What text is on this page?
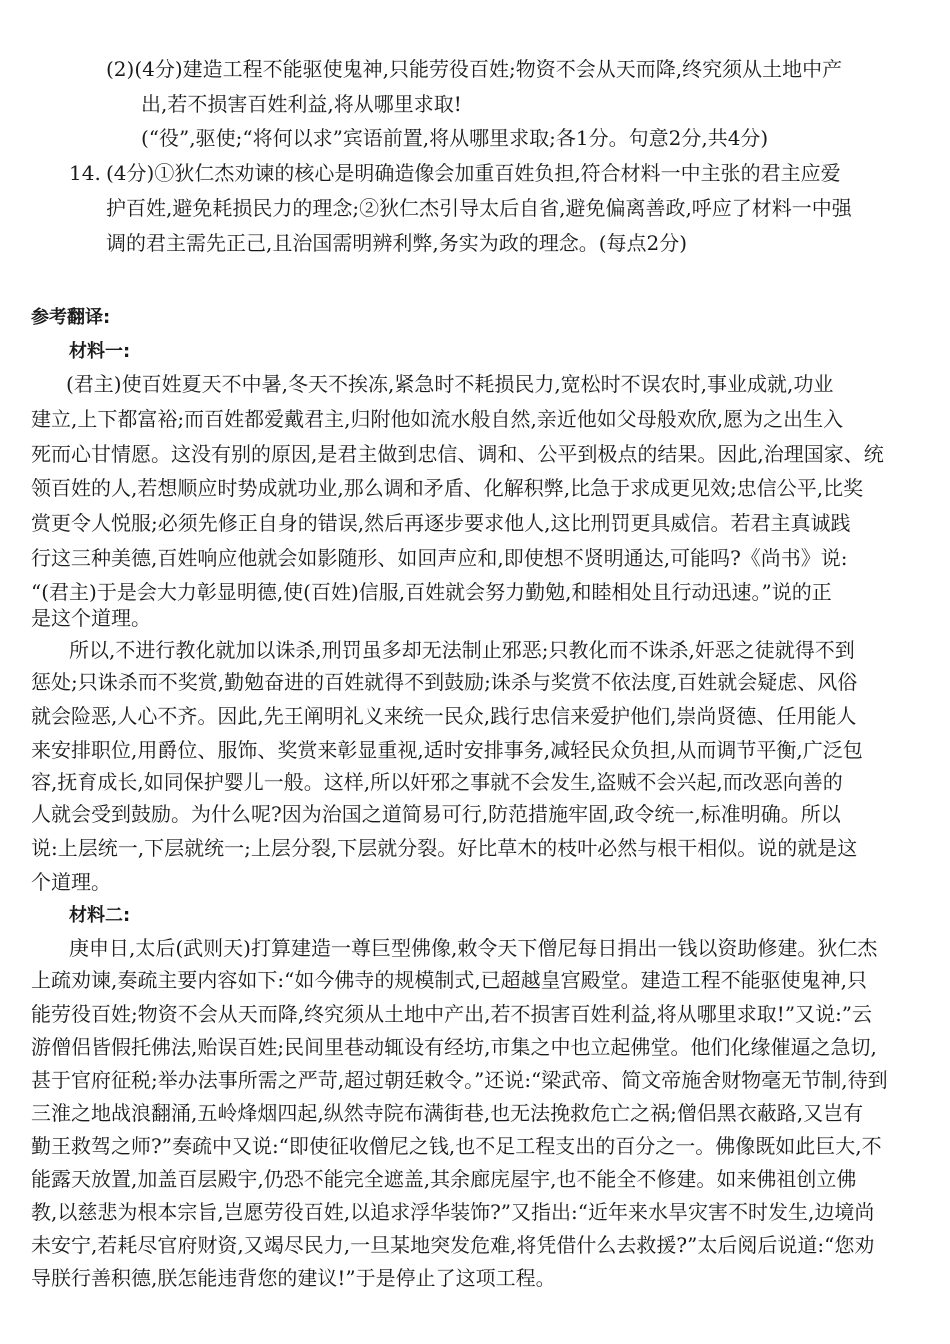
(2)(4分)建造工程不能驱使鬼神,只能劳役百姓;物资不会从天而降,终究须从土地中产
出,若不损害百姓利益,将从哪里求取!
(“役”,驱使;“将何以求”宾语前置,将从哪里求取;各1分。句意2分,共4分)
14. (4分)①狄仁杰劝谏的核心是明确造像会加重百姓负担,符合材料一中主张的君主应爱
护百姓,避免耗损民力的理念;②狄仁杰引导太后自省,避免偏离善政,呼应了材料一中强
调的君主需先正己,且治国需明辨利弊,务实为政的理念。(每点2分)
参考翻译:
材料一:
(君主)使百姓夏天不中暑,冬天不挨冻,紧急时不耗损民力,宽松时不误农时,事业成就,功业
建立,上下都富裕;而百姓都爱戴君主,归附他如流水般自然,亲近他如父母般欢欣,愿为之出生入
死而心甘情愿。这没有别的原因,是君主做到忠信、调和、公平到极点的结果。因此,治理国家、统
领百姓的人,若想顺应时势成就功业,那么调和矛盾、化解积弊,比急于求成更见效;忠信公平,比奖
赏更令人悦服;必须先修正自身的错误,然后再逐步要求他人,这比刑罚更具威信。若君主真诚践
行这三种美德,百姓响应他就会如影随形、如回声应和,即使想不贤明通达,可能吗?《尚书》说:
“(君主)于是会大力彰显明德,使(百姓)信服,百姓就会努力勤勉,和睦相处且行动迅速。”说的正
是这个道理。
所以,不进行教化就加以诛杀,刑罚虽多却无法制止邪恶;只教化而不诛杀,奸恶之徒就得不到
惩处;只诛杀而不奖赏,勤勉奋进的百姓就得不到鼓励;诛杀与奖赏不依法度,百姓就会疑虑、风俗
就会险恶,人心不齐。因此,先王阐明礼义来统一民众,践行忠信来爱护他们,崇尚贤德、任用能人
来安排职位,用爵位、服饰、奖赏来彰显重视,适时安排事务,减轻民众负担,从而调节平衡,广泛包
容,抚育成长,如同保护婴儿一般。这样,所以奸邪之事就不会发生,盗贼不会兴起,而改恶向善的
人就会受到鼓励。为什么呢?因为治国之道简易可行,防范措施牢固,政令统一,标准明确。所以
说:上层统一,下层就统一;上层分裂,下层就分裂。好比草木的枝叶必然与根干相似。说的就是这
个道理。
材料二:
庚申日,太后(武则天)打算建造一尊巨型佛像,敕令天下僧尼每日捐出一钱以资助修建。狄仁杰
上疏劝谏,奏疏主要内容如下:“如今佛寺的规模制式,已超越皇宫殿堂。建造工程不能驱使鬼神,只
能劳役百姓;物资不会从天而降,终究须从土地中产出,若不损害百姓利益,将从哪里求取!”又说:”云
游僧侣皆假托佛法,贻误百姓;民间里巷动辄设有经坊,市集之中也立起佛堂。他们化缘催逼之急切,
甚于官府征税;举办法事所需之严苛,超过朝廷敕令。”还说:“梁武帝、简文帝施舍财物毫无节制,待到
三淮之地战浪翻涌,五岭烽烟四起,纵然寺院布满街巷,也无法挽救危亡之祸;僧侣黑衣蔽路,又岂有
勤王救驾之师?”奏疏中又说:“即使征收僧尼之钱,也不足工程支出的百分之一。佛像既如此巨大,不
能露天放置,加盖百层殿宇,仍恐不能完全遮盖,其余廊庑屋宇,也不能全不修建。如来佛祖创立佛
教,以慈悲为根本宗旨,岂愿劳役百姓,以追求浮华装饰?”又指出:“近年来水旱灾害不时发生,边境尚
未安宁,若耗尽官府财资,又竭尽民力,一旦某地突发危难,将凭借什么去救援?”太后阅后说道:“您劝
导朕行善积德,朕怎能违背您的建议!”于是停止了这项工程。
